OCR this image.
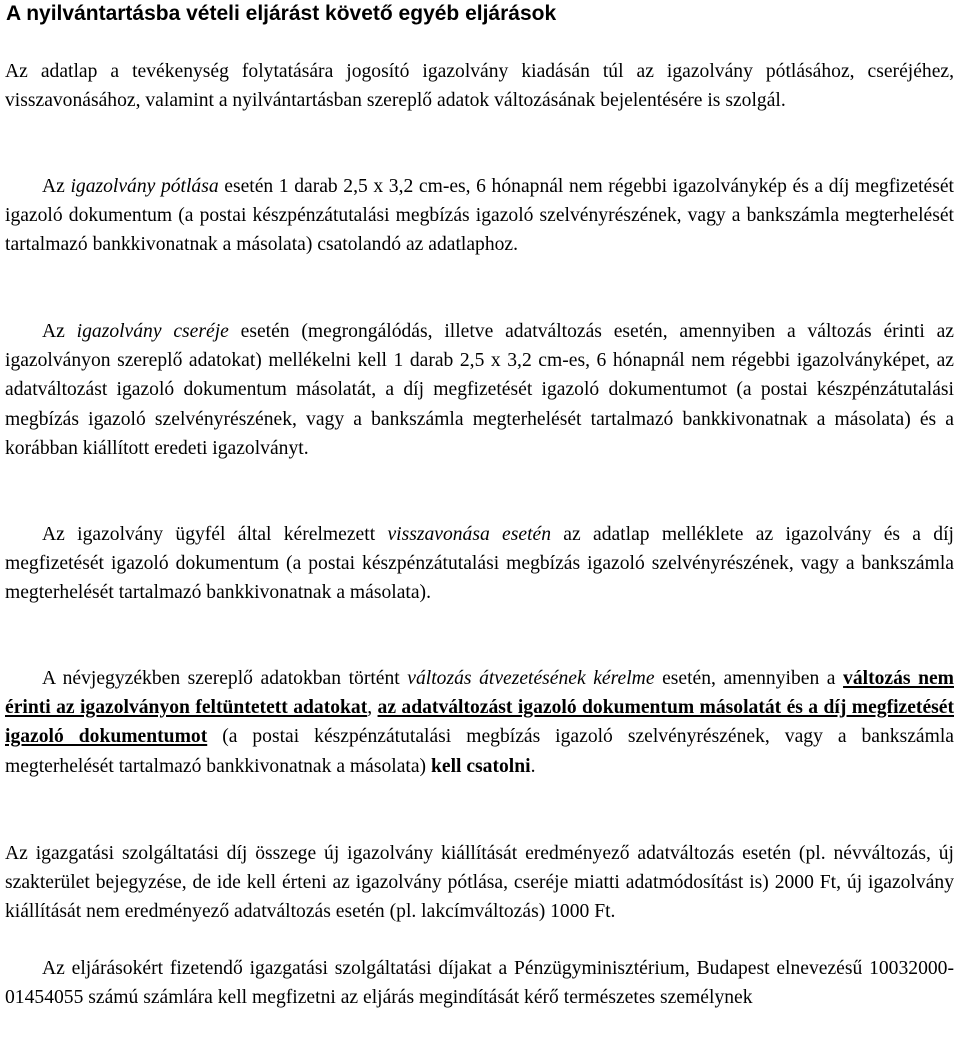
A nyilvántartásba vételi eljárást követő egyéb eljárások

Az adatlap a tevékenység folytatására jogosító igazolvány kiadásán túl az igazolvány pótlásához, cseréjéhez, visszavonásához, valamint a nyilvántartásban szereplő adatok változásának bejelentésére is szolgál.

Az igazolvány pótlása esetén 1 darab 2,5 x 3,2 cm-es, 6 hónapnál nem régebbi igazolványkép és a díj megfizetését igazoló dokumentum (a postai készpénzátutalási megbízás igazoló szelvényrészének, vagy a bankszámla megterhelését tartalmazó bankkivonatnak a másolata) csatolandó az adatlaphoz.

Az igazolvány cseréje esetén (megrongálódás, illetve adatváltozás esetén, amennyiben a változás érinti az igazolványon szereplő adatokat) mellékelni kell 1 darab 2,5 x 3,2 cm-es, 6 hónapnál nem régebbi igazolványképet, az adatváltozást igazoló dokumentum másolatát, a díj megfizetését igazoló dokumentumot (a postai készpénzátutalási megbízás igazoló szelvényrészének, vagy a bankszámla megterhelését tartalmazó bankkivonatnak a másolata) és a korábban kiállított eredeti igazolványt.

Az igazolvány ügyfél által kérelmezett visszavonása esetén az adatlap melléklete az igazolvány és a díj megfizetését igazoló dokumentum (a postai készpénzátutalási megbízás igazoló szelvényrészének, vagy a bankszámla megterhelését tartalmazó bankkivonatnak a másolata).

A névjegyzékben szereplő adatokban történt változás átvezetésének kérelme esetén, amennyiben a változás nem érinti az igazolványon feltüntetett adatokat, az adatváltozást igazoló dokumentum másolatát és a díj megfizetését igazoló dokumentumot (a postai készpénzátutalási megbízás igazoló szelvényrészének, vagy a bankszámla megterhelését tartalmazó bankkivonatnak a másolata) kell csatolni.

Az igazgatási szolgáltatási díj összege új igazolvány kiállítását eredményező adatváltozás esetén (pl. névváltozás, új szakterület bejegyzése, de ide kell érteni az igazolvány pótlása, cseréje miatti adatmódosítást is) 2000 Ft, új igazolvány kiállítását nem eredményező adatváltozás esetén (pl. lakcímváltozás) 1000 Ft.

Az eljárásokért fizetendő igazgatási szolgáltatási díjakat a Pénzügyminisztérium, Budapest elnevezésű 10032000-01454055 számú számlára kell megfizetni az eljárás megindítását kérő természetes személynek
